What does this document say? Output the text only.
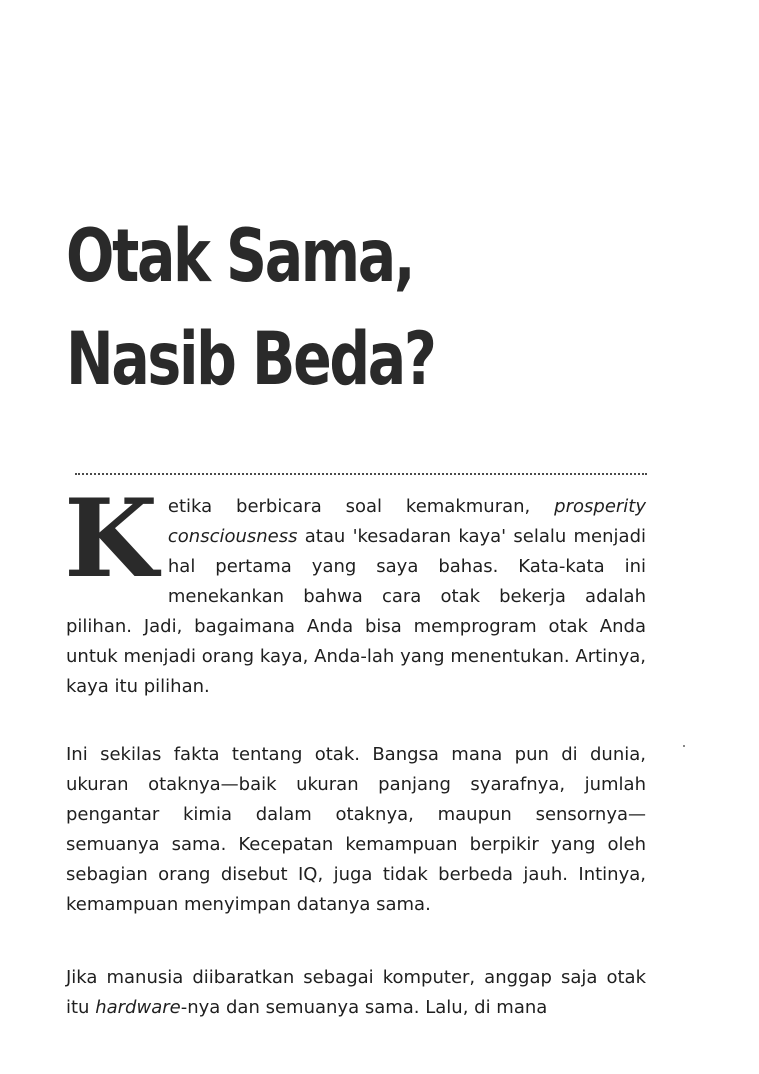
Otak Sama,
Nasib Beda?
K etika berbicara soal kemakmuran, prosperity consciousness atau 'kesadaran kaya' selalu menjadi hal pertama yang saya bahas. Kata-kata ini menekankan bahwa cara otak bekerja adalah pilihan. Jadi, bagaimana Anda bisa memprogram otak Anda untuk menjadi orang kaya, Anda-lah yang menentukan. Artinya, kaya itu pilihan.

Ini sekilas fakta tentang otak. Bangsa mana pun di dunia, ukuran otaknya—baik ukuran panjang syarafnya, jumlah pengantar kimia dalam otaknya, maupun sensornya—semuanya sama. Kecepatan kemampuan berpikir yang oleh sebagian orang disebut IQ, juga tidak berbeda jauh. Intinya, kemampuan menyimpan datanya sama.

Jika manusia diibaratkan sebagai komputer, anggap saja otak itu hardware-nya dan semuanya sama. Lalu, di mana
